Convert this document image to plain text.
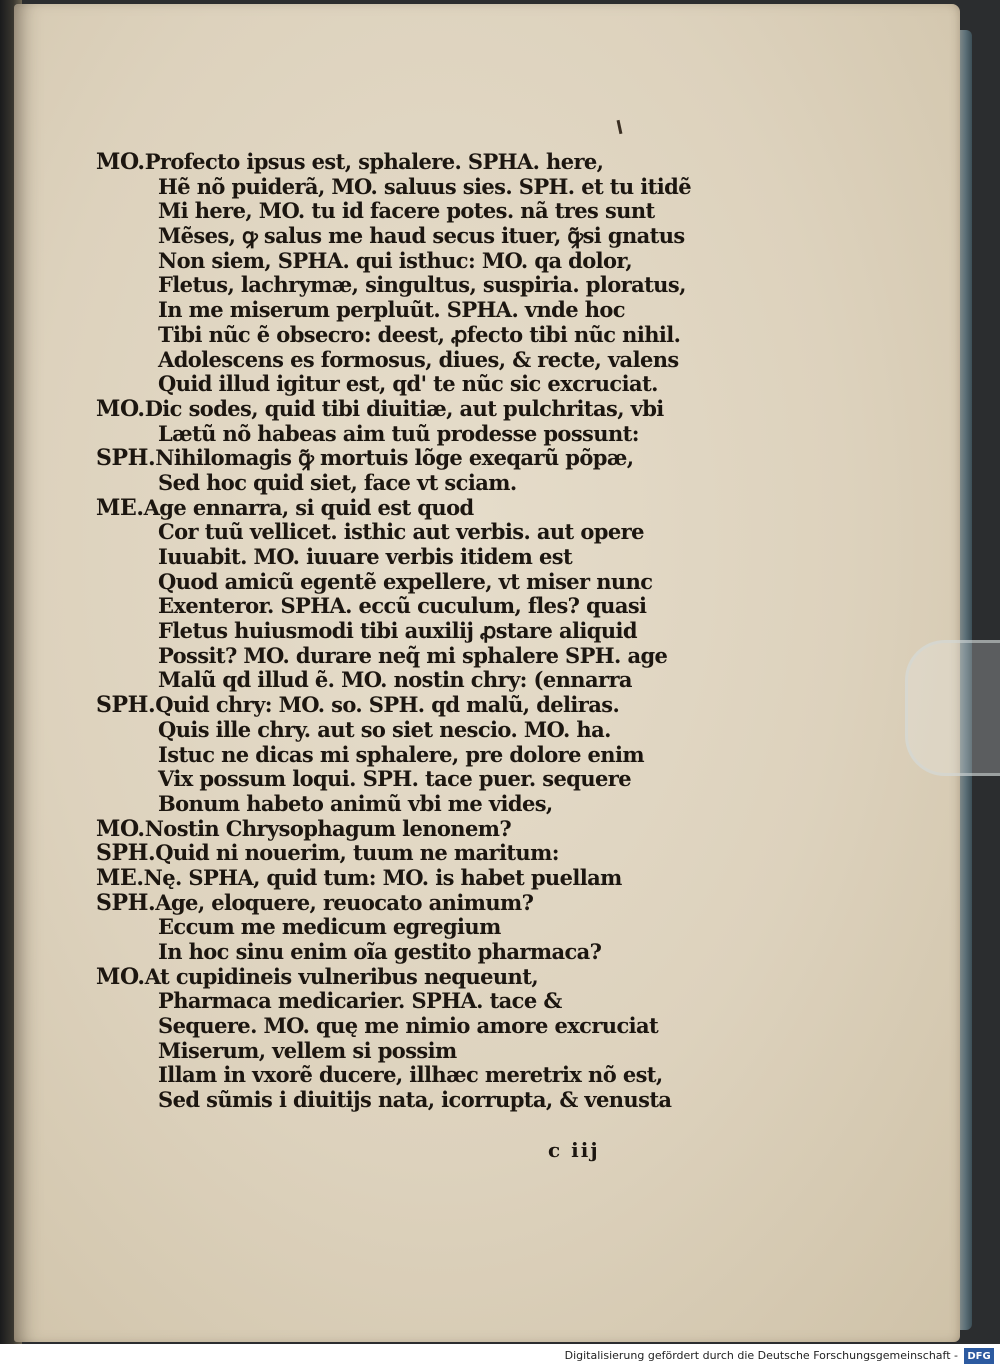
MO.Profecto ipsus est, sphalere. SPHA. here,
Hẽ nõ puiderã, MO. saluus sies. SPH. et tu itidẽ
Mi here, MO. tu id facere potes. nã tres sunt
Mẽses, ꝙ salus me haud secus ituer, ꝙ̃si gnatus
Non siem, SPHA. qui isthuc: MO. qa dolor,
Fletus, lachrymæ, singultus, suspiria. ploratus,
In me miserum perpluũt. SPHA. vnde hoc
Tibi nũc ẽ obsecro: deest, ꝓfecto tibi nũc nihil.
Adolescens es formosus, diues, & recte, valens
Quid illud igitur est, qd' te nũc sic excruciat.
MO.Dic sodes, quid tibi diuitiæ, aut pulchritas, vbi
Lætũ nõ habeas aim tuũ prodesse possunt:
SPH.Nihilomagis ꝙ̃ mortuis lõge exeqarũ põpæ,
Sed hoc quid siet, face vt sciam.
ME.Age ennarra, si quid est quod
Cor tuũ vellicet. isthic aut verbis. aut opere
Iuuabit. MO. iuuare verbis itidem est
Quod amicũ egentẽ expellere, vt miser nunc
Exenteror. SPHA. eccũ cuculum, fles? quasi
Fletus huiusmodi tibi auxilij ꝓstare aliquid
Possit? MO. durare neq̃ mi sphalere SPH. age
Malũ qd illud ẽ. MO. nostin chry: (ennarra
SPH.Quid chry: MO. so. SPH. qd malũ, deliras.
Quis ille chry. aut so siet nescio. MO. ha.
Istuc ne dicas mi sphalere, pre dolore enim
Vix possum loqui. SPH. tace puer. sequere
Bonum habeto animũ vbi me vides,
MO.Nostin Chrysophagum lenonem?
SPH.Quid ni nouerim, tuum ne maritum:
ME.Nę. SPHA, quid tum: MO. is habet puellam
SPH.Age, eloquere, reuocato animum?
Eccum me medicum egregium
In hoc sinu enim oĩa gestito pharmaca?
MO.At cupidineis vulneribus nequeunt,
Pharmaca medicarier. SPHA. tace &
Sequere. MO. quę me nimio amore excruciat
Miserum, vellem si possim
Illam in vxorẽ ducere, illhæc meretrix nõ est,
Sed sũmis i diuitijs nata, icorrupta, & venusta
c iij
Digitalisierung gefördert durch die Deutsche Forschungsgemeinschaft - DFG
